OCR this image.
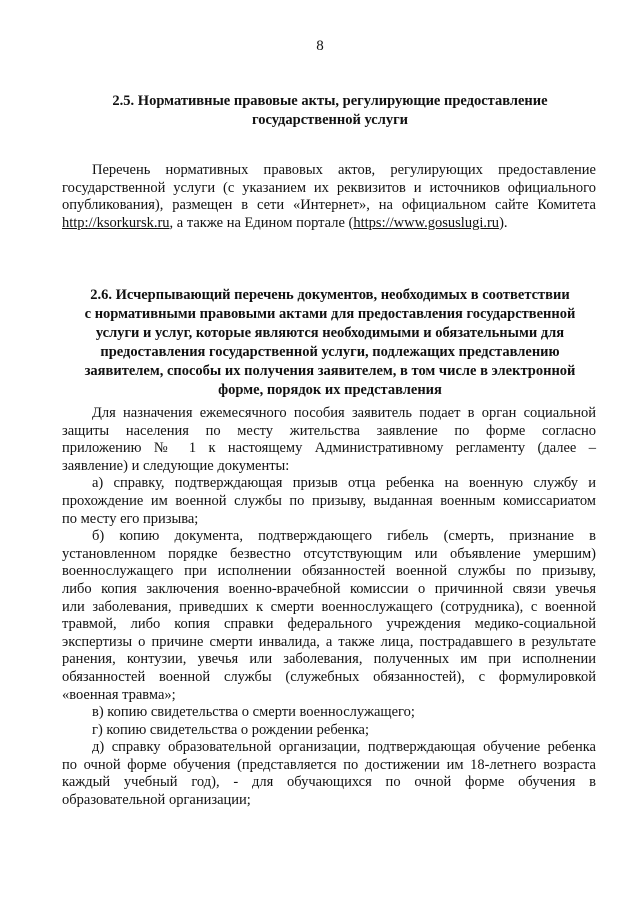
8
2.5. Нормативные правовые акты, регулирующие предоставление
государственной услуги
Перечень нормативных правовых актов, регулирующих предоставление
государственной услуги (с указанием их реквизитов и источников официального
опубликования), размещен в сети «Интернет», на официальном сайте Комитета
http://ksorkursk.ru, а также на Едином портале (https://www.gosuslugi.ru).
2.6. Исчерпывающий перечень документов, необходимых в соответствии
с нормативными правовыми актами для предоставления государственной
услуги и услуг, которые являются необходимыми и обязательными для
предоставления государственной услуги, подлежащих представлению
заявителем, способы их получения заявителем, в том числе в электронной
форме, порядок их представления
Для назначения ежемесячного пособия заявитель подает в орган социальной
защиты населения по месту жительства заявление по форме согласно
приложению № 1 к настоящему Административному регламенту (далее –
заявление) и следующие документы:
а) справку, подтверждающая призыв отца ребенка на военную службу и
прохождение им военной службы по призыву, выданная военным комиссариатом
по месту его призыва;
б) копию документа, подтверждающего гибель (смерть, признание в
установленном порядке безвестно отсутствующим или объявление умершим)
военнослужащего при исполнении обязанностей военной службы по призыву,
либо копия заключения военно-врачебной комиссии о причинной связи увечья
или заболевания, приведших к смерти военнослужащего (сотрудника), с военной
травмой, либо копия справки федерального учреждения медико-социальной
экспертизы о причине смерти инвалида, а также лица, пострадавшего в результате
ранения, контузии, увечья или заболевания, полученных им при исполнении
обязанностей военной службы (служебных обязанностей), с формулировкой
«военная травма»;
в) копию свидетельства о смерти военнослужащего;
г) копию свидетельства о рождении ребенка;
д) справку образовательной организации, подтверждающая обучение ребенка
по очной форме обучения (представляется по достижении им 18-летнего возраста
каждый учебный год), - для обучающихся по очной форме обучения в
образовательной организации;
